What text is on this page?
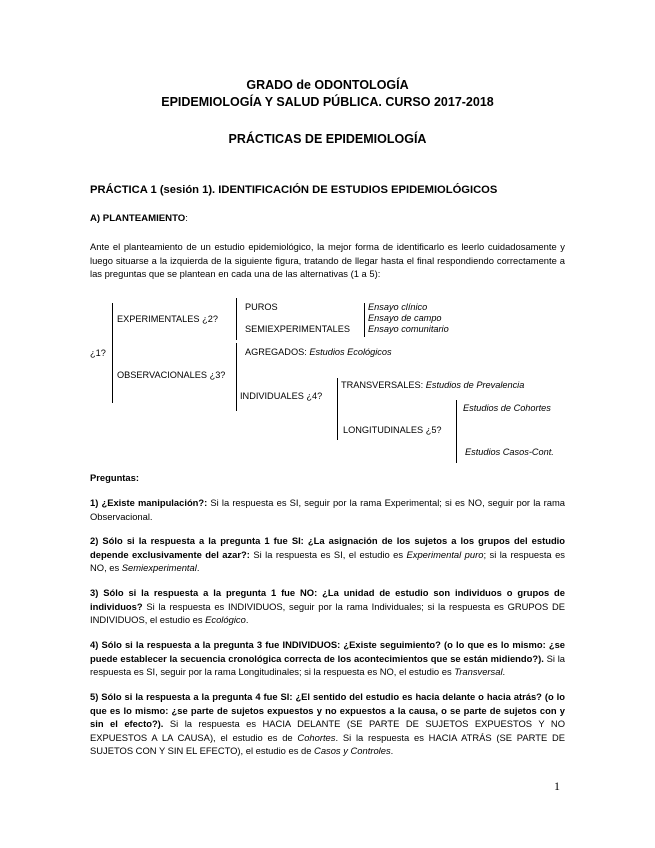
GRADO de ODONTOLOGÍA
EPIDEMIOLOGÍA Y SALUD PÚBLICA. CURSO 2017-2018
PRÁCTICAS DE EPIDEMIOLOGÍA
PRÁCTICA 1 (sesión 1). IDENTIFICACIÓN DE ESTUDIOS EPIDEMIOLÓGICOS
A) PLANTEAMIENTO:
Ante el planteamiento de un estudio epidemiológico, la mejor forma de identificarlo es leerlo cuidadosamente y luego situarse a la izquierda de la siguiente figura, tratando de llegar hasta el final respondiendo correctamente a las preguntas que se plantean en cada una de las alternativas (1 a 5):
¿1?
EXPERIMENTALES ¿2?
OBSERVACIONALES ¿3?
PUROS
SEMIEXPERIMENTALES
Ensayo clínico
Ensayo de campo
Ensayo comunitario
AGREGADOS: Estudios Ecológicos
INDIVIDUALES ¿4?
TRANSVERSALES: Estudios de Prevalencia
LONGITUDINALES ¿5?
Estudios de Cohortes
Estudios Casos-Cont.
Preguntas:
1) ¿Existe manipulación?: Si la respuesta es SI, seguir por la rama Experimental; si es NO, seguir por la rama Observacional.
2) Sólo si la respuesta a la pregunta 1 fue SI: ¿La asignación de los sujetos a los grupos del estudio depende exclusivamente del azar?: Si la respuesta es SI, el estudio es Experimental puro; si la respuesta es NO, es Semiexperimental.
3) Sólo si la respuesta a la pregunta 1 fue NO: ¿La unidad de estudio son individuos o grupos de individuos? Si la respuesta es INDIVIDUOS, seguir por la rama Individuales; si la respuesta es GRUPOS DE INDIVIDUOS, el estudio es Ecológico.
4) Sólo si la respuesta a la pregunta 3 fue INDIVIDUOS: ¿Existe seguimiento? (o lo que es lo mismo: ¿se puede establecer la secuencia cronológica correcta de los acontecimientos que se están midiendo?). Si la respuesta es SI, seguir por la rama Longitudinales; si la respuesta es NO, el estudio es Transversal.
5) Sólo si la respuesta a la pregunta 4 fue SI: ¿El sentido del estudio es hacia delante o hacia atrás? (o lo que es lo mismo: ¿se parte de sujetos expuestos y no expuestos a la causa, o se parte de sujetos con y sin el efecto?). Si la respuesta es HACIA DELANTE (SE PARTE DE SUJETOS EXPUESTOS Y NO EXPUESTOS A LA CAUSA), el estudio es de Cohortes. Si la respuesta es HACIA ATRÁS (SE PARTE DE SUJETOS CON Y SIN EL EFECTO), el estudio es de Casos y Controles.
1
